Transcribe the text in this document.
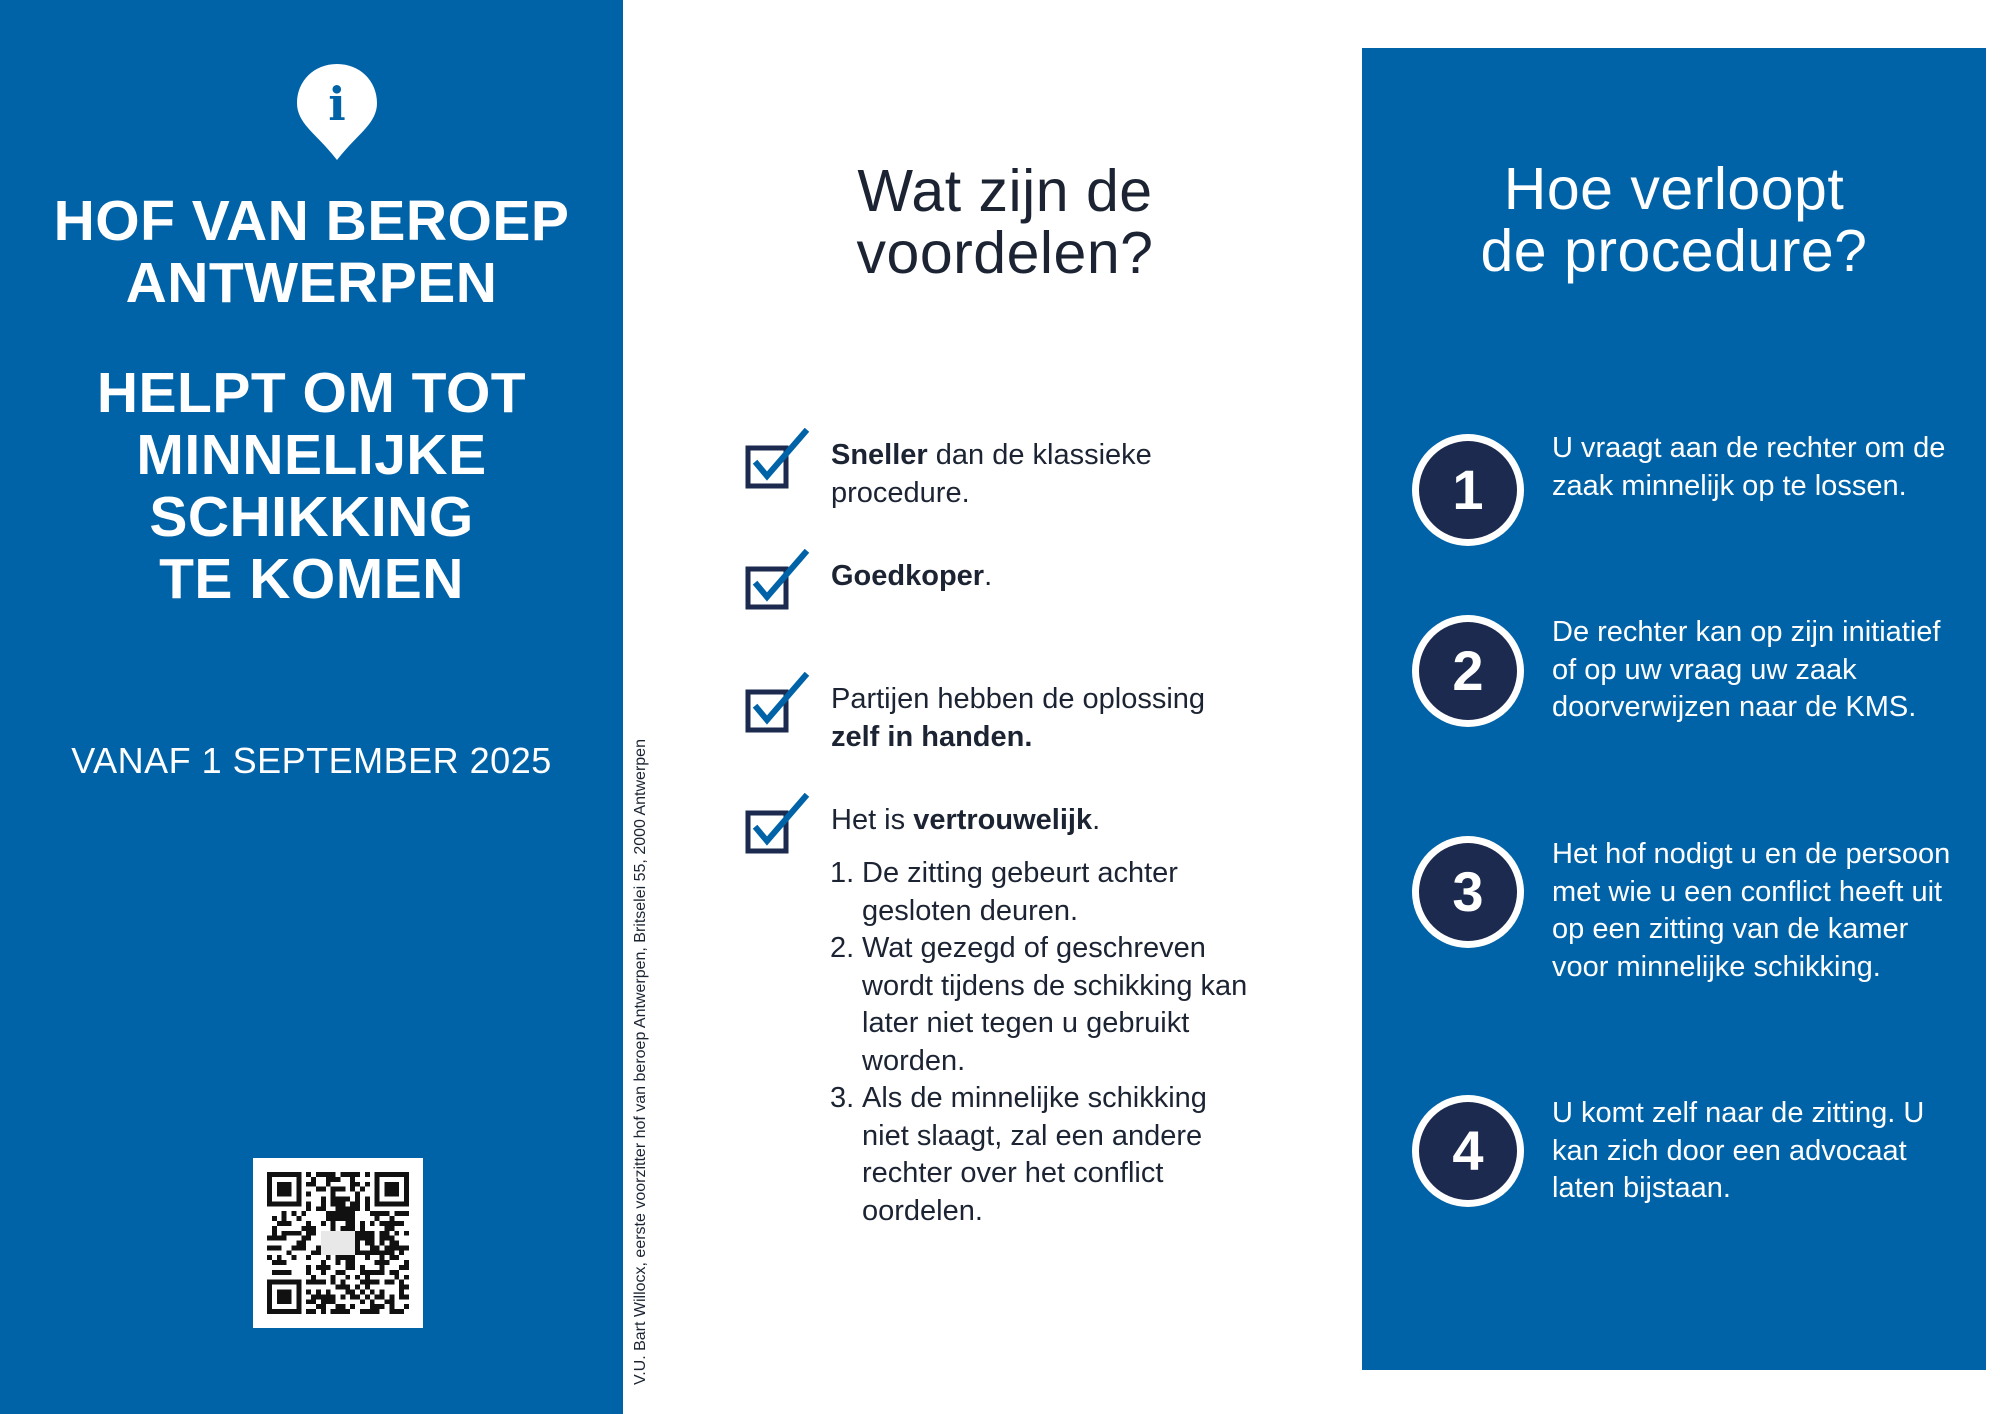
i
HOF VAN BEROEP
ANTWERPEN
HELPT OM TOT
MINNELIJKE
SCHIKKING
TE KOMEN
VANAF 1 SEPTEMBER 2025	V.U. Bart Willocx, eerste voorzitter hof van beroep Antwerpen, Britselei 55, 2000 Antwerpen
Wat zijn de
voordelen?
Sneller dan de klassieke procedure.
Goedkoper.
Partijen hebben de oplossing
zelf in handen.
Het is vertrouwelijk.
1. De zitting gebeurt achter gesloten deuren.
2. Wat gezegd of geschreven wordt tijdens de schikking kan later niet tegen u gebruikt worden.
3. Als de minnelijke schikking niet slaagt, zal een andere rechter over het conflict oordelen.
Hoe verloopt
de procedure?
1
U vraagt aan de rechter om de zaak minnelijk op te lossen.
2
De rechter kan op zijn initiatief of op uw vraag uw zaak doorverwijzen naar de KMS.
3
Het hof nodigt u en de persoon met wie u een conflict heeft uit op een zitting van de kamer voor minnelijke schikking.
4
U komt zelf naar de zitting. U kan zich door een advocaat laten bijstaan.
